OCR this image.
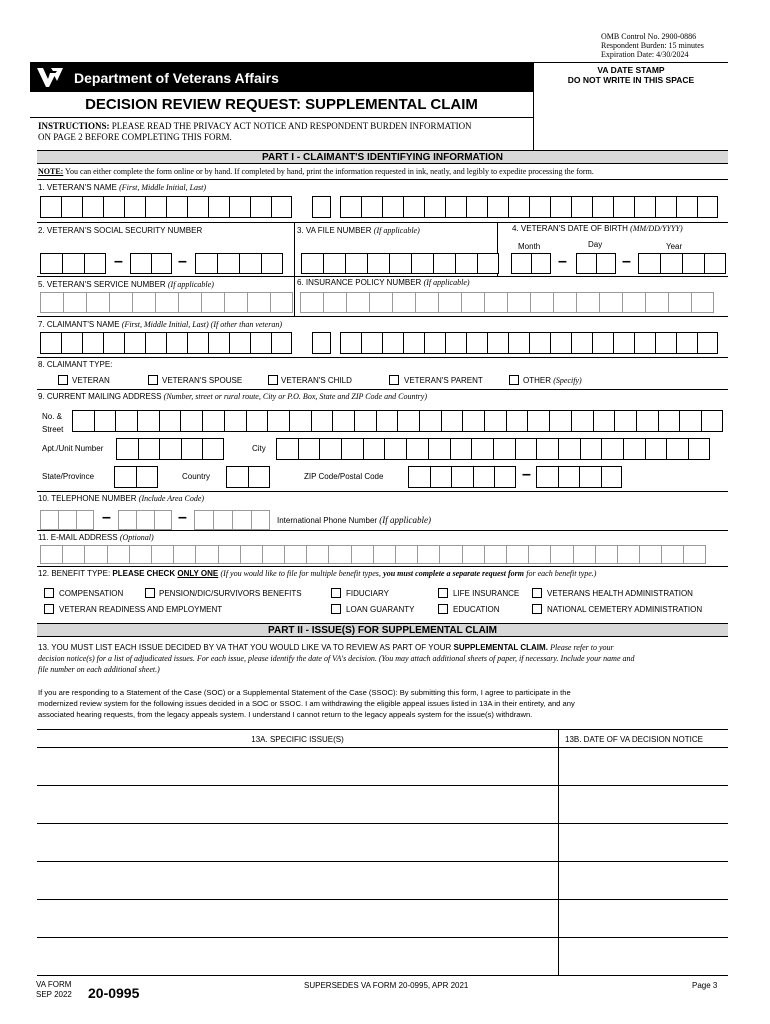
OMB Control No. 2900-0886
Respondent Burden: 15 minutes
Expiration Date: 4/30/2024
Department of Veterans Affairs	VA DATE STAMP
DO NOT WRITE IN THIS SPACE
DECISION REVIEW REQUEST: SUPPLEMENTAL CLAIM
INSTRUCTIONS: PLEASE READ THE PRIVACY ACT NOTICE AND RESPONDENT BURDEN INFORMATION
ON PAGE 2 BEFORE COMPLETING THIS FORM.
PART I - CLAIMANT'S IDENTIFYING INFORMATION
NOTE: You can either complete the form online or by hand. If completed by hand, print the information requested in ink, neatly, and legibly to expedite processing the form.
1. VETERAN'S NAME (First, Middle Initial, Last)
2. VETERAN'S SOCIAL SECURITY NUMBER	3. VA FILE NUMBER (If applicable)	4. VETERAN'S DATE OF BIRTH (MM/DD/YYYY)
Month	Day	Year
–	–	–	–
5. VETERAN'S SERVICE NUMBER (If applicable)	6. INSURANCE POLICY NUMBER (If applicable)
7. CLAIMANT'S NAME (First, Middle Initial, Last) (If other than veteran)
8. CLAIMANT TYPE:
VETERAN	VETERAN'S SPOUSE	VETERAN'S CHILD	VETERAN'S PARENT	OTHER (Specify)
9. CURRENT MAILING ADDRESS (Number, street or rural route, City or P.O. Box, State and ZIP Code and Country)
No. &
Street
Apt./Unit Number	City
State/Province	Country	ZIP Code/Postal Code	–
10. TELEPHONE NUMBER (Include Area Code)
–	–	International Phone Number (If applicable)
11. E-MAIL ADDRESS (Optional)
12. BENEFIT TYPE: PLEASE CHECK ONLY ONE (If you would like to file for multiple benefit types, you must complete a separate request form for each benefit type.)
COMPENSATION	PENSION/DIC/SURVIVORS BENEFITS	FIDUCIARY	LIFE INSURANCE	VETERANS HEALTH ADMINISTRATION
VETERAN READINESS AND EMPLOYMENT	LOAN GUARANTY	EDUCATION	NATIONAL CEMETERY ADMINISTRATION
PART II - ISSUE(S) FOR SUPPLEMENTAL CLAIM
13. YOU MUST LIST EACH ISSUE DECIDED BY VA THAT YOU WOULD LIKE VA TO REVIEW AS PART OF YOUR SUPPLEMENTAL CLAIM. Please refer to your
decision notice(s) for a list of adjudicated issues. For each issue, please identify the date of VA's decision. (You may attach additional sheets of paper, if necessary. Include your name and
file number on each additional sheet.)
If you are responding to a Statement of the Case (SOC) or a Supplemental Statement of the Case (SSOC): By submitting this form, I agree to participate in the
modernized review system for the following issues decided in a SOC or SSOC. I am withdrawing the eligible appeal issues listed in 13A in their entirety, and any
associated hearing requests, from the legacy appeals system. I understand I cannot return to the legacy appeals system for the issue(s) withdrawn.
13A. SPECIFIC ISSUE(S)	13B. DATE OF VA DECISION NOTICE
VA FORM
SEP 2022 20-0995	SUPERSEDES VA FORM 20-0995, APR 2021	Page 3
